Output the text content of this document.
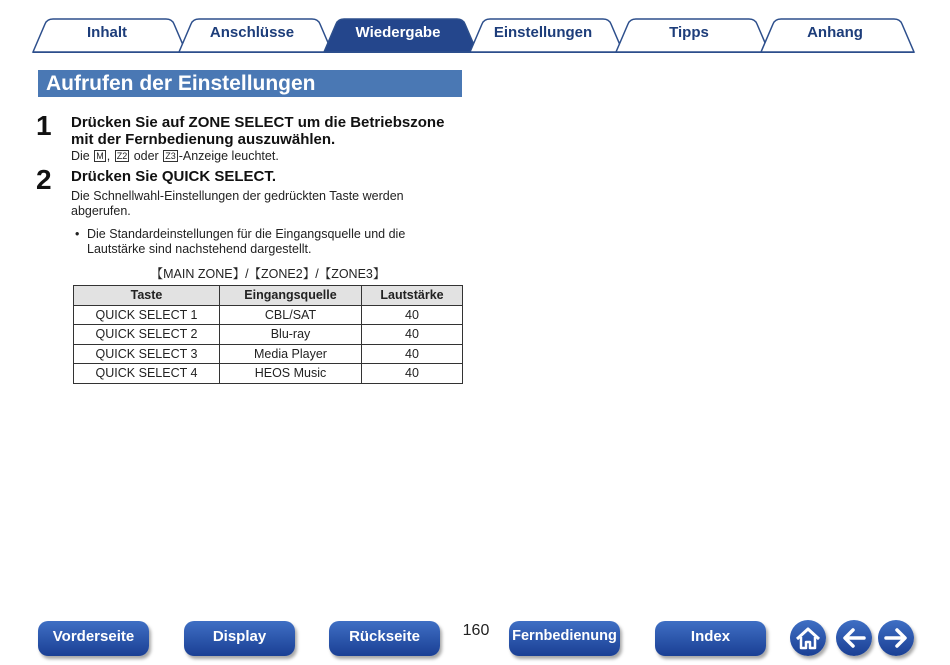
Inhalt	Anschlüsse	Wiedergabe	Einstellungen	Tipps	Anhang
Aufrufen der Einstellungen
1 Drücken Sie auf ZONE SELECT um die Betriebszone mit der Fernbedienung auszuwählen.
Die M , Z2 oder Z3 -Anzeige leuchtet.
2 Drücken Sie QUICK SELECT.
Die Schnellwahl-Einstellungen der gedrückten Taste werden abgerufen.
• Die Standardeinstellungen für die Eingangsquelle und die Lautstärke sind nachstehend dargestellt.
【MAIN ZONE】/【ZONE2】/【ZONE3】
Taste	Eingangsquelle	Lautstärke
QUICK SELECT 1	CBL/SAT	40
QUICK SELECT 2	Blu-ray	40
QUICK SELECT 3	Media Player	40
QUICK SELECT 4	HEOS Music	40
Vorderseite	Display	Rückseite	160	Fernbedienung	Index
